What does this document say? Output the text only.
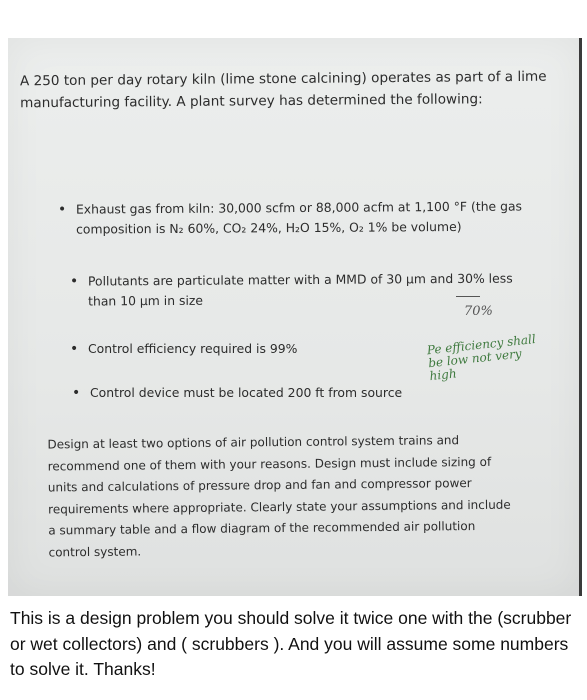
A 250 ton per day rotary kiln (lime stone calcining) operates as part of a lime manufacturing facility. A plant survey has determined the following:
• Exhaust gas from kiln: 30,000 scfm or 88,000 acfm at 1,100 °F (the gas composition is N₂ 60%, CO₂ 24%, H₂O 15%, O₂ 1% be volume)
• Pollutants are particulate matter with a MMD of 30 µm and 30% less than 10 µm in size
• Control efficiency required is 99%
• Control device must be located 200 ft from source
70%
Pe efficiency shall be low not very high
Design at least two options of air pollution control system trains and recommend one of them with your reasons. Design must include sizing of units and calculations of pressure drop and fan and compressor power requirements where appropriate. Clearly state your assumptions and include a summary table and a flow diagram of the recommended air pollution control system.
This is a design problem you should solve it twice one with the (scrubber or wet collectors) and ( scrubbers ). And you will assume some numbers to solve it. Thanks!
